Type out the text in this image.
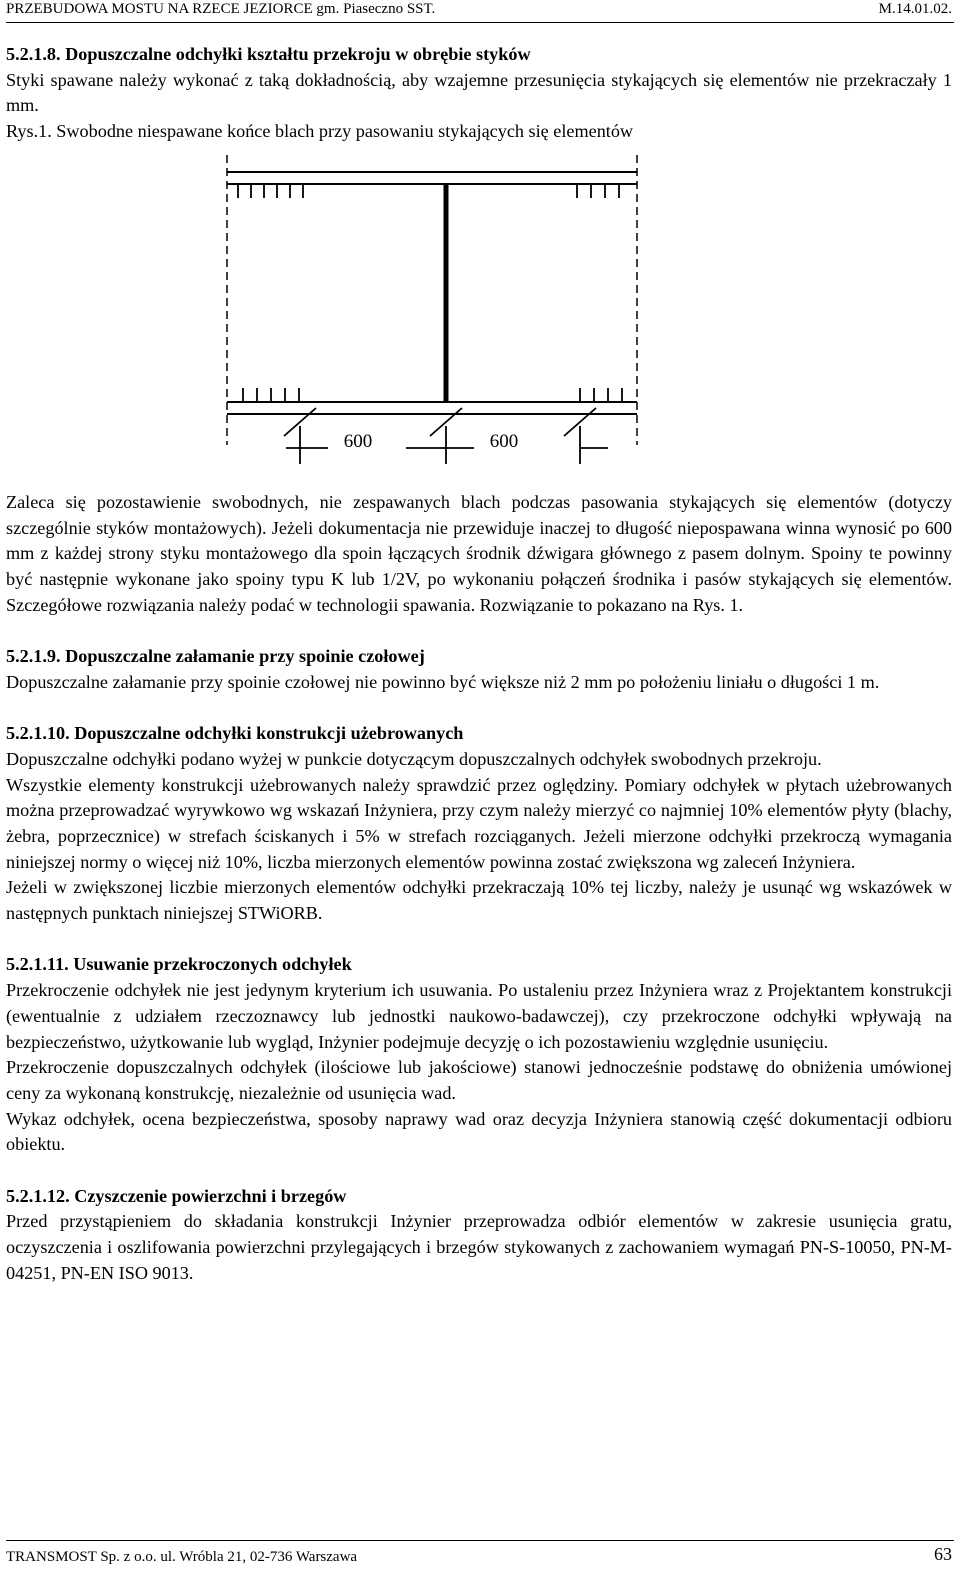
PRZEBUDOWA MOSTU NA RZECE JEZIORCE gm. Piaseczno SST.	M.14.01.02.

5.2.1.8. Dopuszczalne odchyłki kształtu przekroju w obrębie styków

Styki spawane należy wykonać z taką dokładnością, aby wzajemne przesunięcia stykających się elementów nie przekraczały 1 mm.

Rys.1. Swobodne niespawane końce blach przy pasowaniu stykających się elementów

Zaleca się pozostawienie swobodnych, nie zespawanych blach podczas pasowania stykających się elementów (dotyczy szczególnie styków montażowych). Jeżeli dokumentacja nie przewiduje inaczej to długość niepospawana winna wynosić po 600 mm z każdej strony styku montażowego dla spoin łączących środnik dźwigara głównego z pasem dolnym. Spoiny te powinny być następnie wykonane jako spoiny typu K lub 1/2V, po wykonaniu połączeń środnika i pasów stykających się elementów. Szczegółowe rozwiązania należy podać w technologii spawania. Rozwiązanie to pokazano na Rys. 1.

5.2.1.9. Dopuszczalne załamanie przy spoinie czołowej

Dopuszczalne załamanie przy spoinie czołowej nie powinno być większe niż 2 mm po położeniu liniału o długości 1 m.

5.2.1.10. Dopuszczalne odchyłki konstrukcji użebrowanych

Dopuszczalne odchyłki podano wyżej w punkcie dotyczącym dopuszczalnych odchyłek swobodnych przekroju.

Wszystkie elementy konstrukcji użebrowanych należy sprawdzić przez oględziny. Pomiary odchyłek w płytach użebrowanych można przeprowadzać wyrywkowo wg wskazań Inżyniera, przy czym należy mierzyć co najmniej 10% elementów płyty (blachy, żebra, poprzecznice) w strefach ściskanych i 5% w strefach rozciąganych. Jeżeli mierzone odchyłki przekroczą wymagania niniejszej normy o więcej niż 10%, liczba mierzonych elementów powinna zostać zwiększona wg zaleceń Inżyniera.

Jeżeli w zwiększonej liczbie mierzonych elementów odchyłki przekraczają 10% tej liczby, należy je usunąć wg wskazówek w następnych punktach niniejszej STWiORB.

5.2.1.11. Usuwanie przekroczonych odchyłek

Przekroczenie odchyłek nie jest jedynym kryterium ich usuwania. Po ustaleniu przez Inżyniera wraz z Projektantem konstrukcji (ewentualnie z udziałem rzeczoznawcy lub jednostki naukowo-badawczej), czy przekroczone odchyłki wpływają na bezpieczeństwo, użytkowanie lub wygląd, Inżynier podejmuje decyzję o ich pozostawieniu względnie usunięciu.

Przekroczenie dopuszczalnych odchyłek (ilościowe lub jakościowe) stanowi jednocześnie podstawę do obniżenia umówionej ceny za wykonaną konstrukcję, niezależnie od usunięcia wad.

Wykaz odchyłek, ocena bezpieczeństwa, sposoby naprawy wad oraz decyzja Inżyniera stanowią część dokumentacji odbioru obiektu.

5.2.1.12. Czyszczenie powierzchni i brzegów

Przed przystąpieniem do składania konstrukcji Inżynier przeprowadza odbiór elementów w zakresie usunięcia gratu, oczyszczenia i oszlifowania powierzchni przylegających i brzegów stykowanych z zachowaniem wymagań PN-S-10050, PN-M-04251, PN-EN ISO 9013.

600	600
TRANSMOST Sp. z o.o. ul. Wróbla 21, 02-736 Warszawa	63
